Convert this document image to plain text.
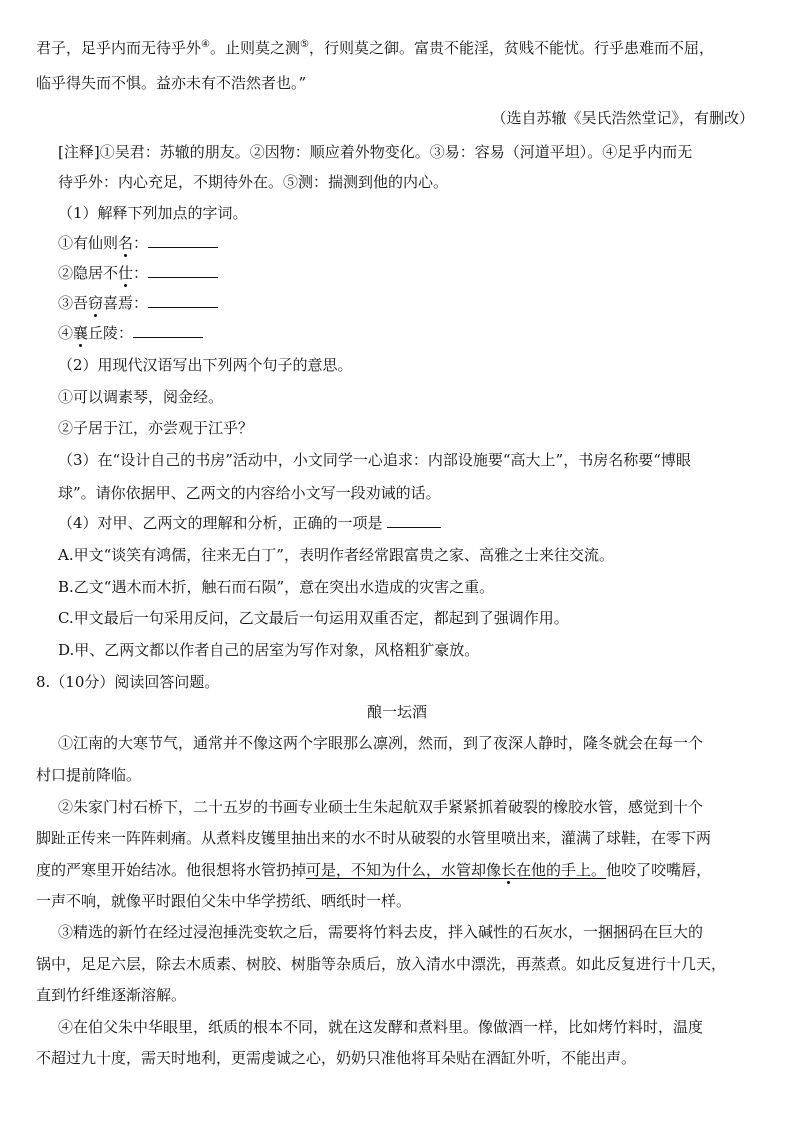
君子，足乎内而无待乎外④。止则莫之测⑤，行则莫之御。富贵不能淫，贫贱不能忧。行乎患难而不屈，
临乎得失而不惧。益亦未有不浩然者也。”
（选自苏辙《吴氏浩然堂记》，有删改）
[注释]①吴君：苏辙的朋友。②因物：顺应着外物变化。③易：容易（河道平坦）。④足乎内而无
待乎外：内心充足，不期待外在。⑤测：揣测到他的内心。
（1）解释下列加点的字词。
①有仙则名：
②隐居不仕：
③吾窃喜焉：
④襄丘陵：
（2）用现代汉语写出下列两个句子的意思。
①可以调素琴，阅金经。
②子居于江，亦尝观于江乎？
（3）在“设计自己的书房”活动中，小文同学一心追求：内部设施要“高大上”，书房名称要“博眼
球”。请你依据甲、乙两文的内容给小文写一段劝诫的话。
（4）对甲、乙两文的理解和分析，正确的一项是
A.甲文“谈笑有鸿儒，往来无白丁”，表明作者经常跟富贵之家、高雅之士来往交流。
B.乙文“遇木而木折，触石而石陨”，意在突出水造成的灾害之重。
C.甲文最后一句采用反问，乙文最后一句运用双重否定，都起到了强调作用。
D.甲、乙两文都以作者自己的居室为写作对象，风格粗犷豪放。
8.（10分）阅读回答问题。
酿一坛酒
①江南的大寒节气，通常并不像这两个字眼那么凛冽，然而，到了夜深人静时，隆冬就会在每一个
村口提前降临。
②朱家门村石桥下，二十五岁的书画专业硕士生朱起航双手紧紧抓着破裂的橡胶水管，感觉到十个
脚趾正传来一阵阵刺痛。从煮料皮镬里抽出来的水不时从破裂的水管里喷出来，灌满了球鞋，在零下两
度的严寒里开始结冰。他很想将水管扔掉可是，不知为什么，水管却像长在他的手上。他咬了咬嘴唇，
一声不响，就像平时跟伯父朱中华学捞纸、晒纸时一样。
③精选的新竹在经过浸泡捶洗变软之后，需要将竹料去皮，拌入碱性的石灰水，一捆捆码在巨大的
锅中，足足六层，除去木质素、树胶、树脂等杂质后，放入清水中漂洗，再蒸煮。如此反复进行十几天，
直到竹纤维逐渐溶解。
④在伯父朱中华眼里，纸质的根本不同，就在这发酵和煮料里。像做酒一样，比如烤竹料时，温度
不超过九十度，需天时地利，更需虔诚之心，奶奶只准他将耳朵贴在酒缸外听，不能出声。
